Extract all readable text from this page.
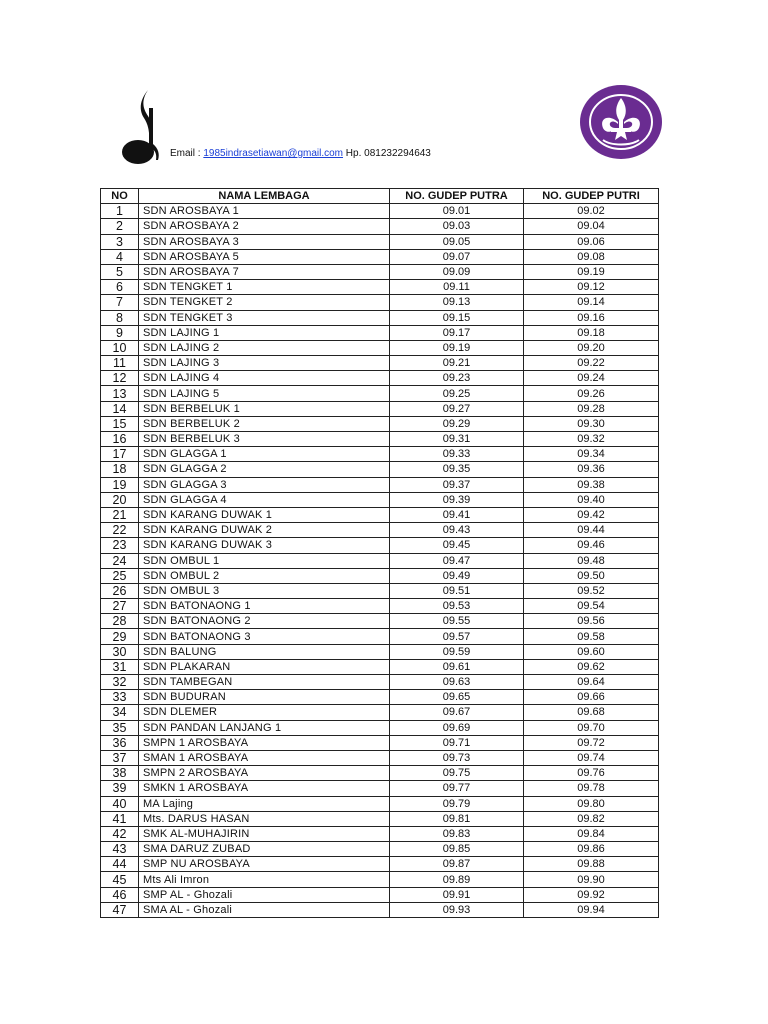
Email : 1985indrasetiawan@gmail.com Hp. 081232294643
NO	NAMA LEMBAGA	NO. GUDEP PUTRA	NO. GUDEP PUTRI
1	SDN AROSBAYA 1	09.01	09.02
2	SDN AROSBAYA 2	09.03	09.04
3	SDN AROSBAYA 3	09.05	09.06
4	SDN AROSBAYA 5	09.07	09.08
5	SDN AROSBAYA 7	09.09	09.19
6	SDN TENGKET 1	09.11	09.12
7	SDN TENGKET 2	09.13	09.14
8	SDN TENGKET 3	09.15	09.16
9	SDN LAJING 1	09.17	09.18
10	SDN LAJING 2	09.19	09.20
11	SDN LAJING 3	09.21	09.22
12	SDN LAJING 4	09.23	09.24
13	SDN LAJING 5	09.25	09.26
14	SDN BERBELUK 1	09.27	09.28
15	SDN BERBELUK 2	09.29	09.30
16	SDN BERBELUK 3	09.31	09.32
17	SDN GLAGGA 1	09.33	09.34
18	SDN GLAGGA 2	09.35	09.36
19	SDN GLAGGA 3	09.37	09.38
20	SDN GLAGGA 4	09.39	09.40
21	SDN KARANG DUWAK 1	09.41	09.42
22	SDN KARANG DUWAK 2	09.43	09.44
23	SDN KARANG DUWAK 3	09.45	09.46
24	SDN OMBUL 1	09.47	09.48
25	SDN OMBUL 2	09.49	09.50
26	SDN OMBUL 3	09.51	09.52
27	SDN BATONAONG 1	09.53	09.54
28	SDN BATONAONG 2	09.55	09.56
29	SDN BATONAONG 3	09.57	09.58
30	SDN BALUNG	09.59	09.60
31	SDN PLAKARAN	09.61	09.62
32	SDN TAMBEGAN	09.63	09.64
33	SDN BUDURAN	09.65	09.66
34	SDN DLEMER	09.67	09.68
35	SDN PANDAN LANJANG 1	09.69	09.70
36	SMPN 1 AROSBAYA	09.71	09.72
37	SMAN 1 AROSBAYA	09.73	09.74
38	SMPN 2 AROSBAYA	09.75	09.76
39	SMKN 1 AROSBAYA	09.77	09.78
40	MA Lajing	09.79	09.80
41	Mts. DARUS HASAN	09.81	09.82
42	SMK AL-MUHAJIRIN	09.83	09.84
43	SMA DARUZ ZUBAD	09.85	09.86
44	SMP NU AROSBAYA	09.87	09.88
45	Mts Ali Imron	09.89	09.90
46	SMP AL - Ghozali	09.91	09.92
47	SMA AL - Ghozali	09.93	09.94
